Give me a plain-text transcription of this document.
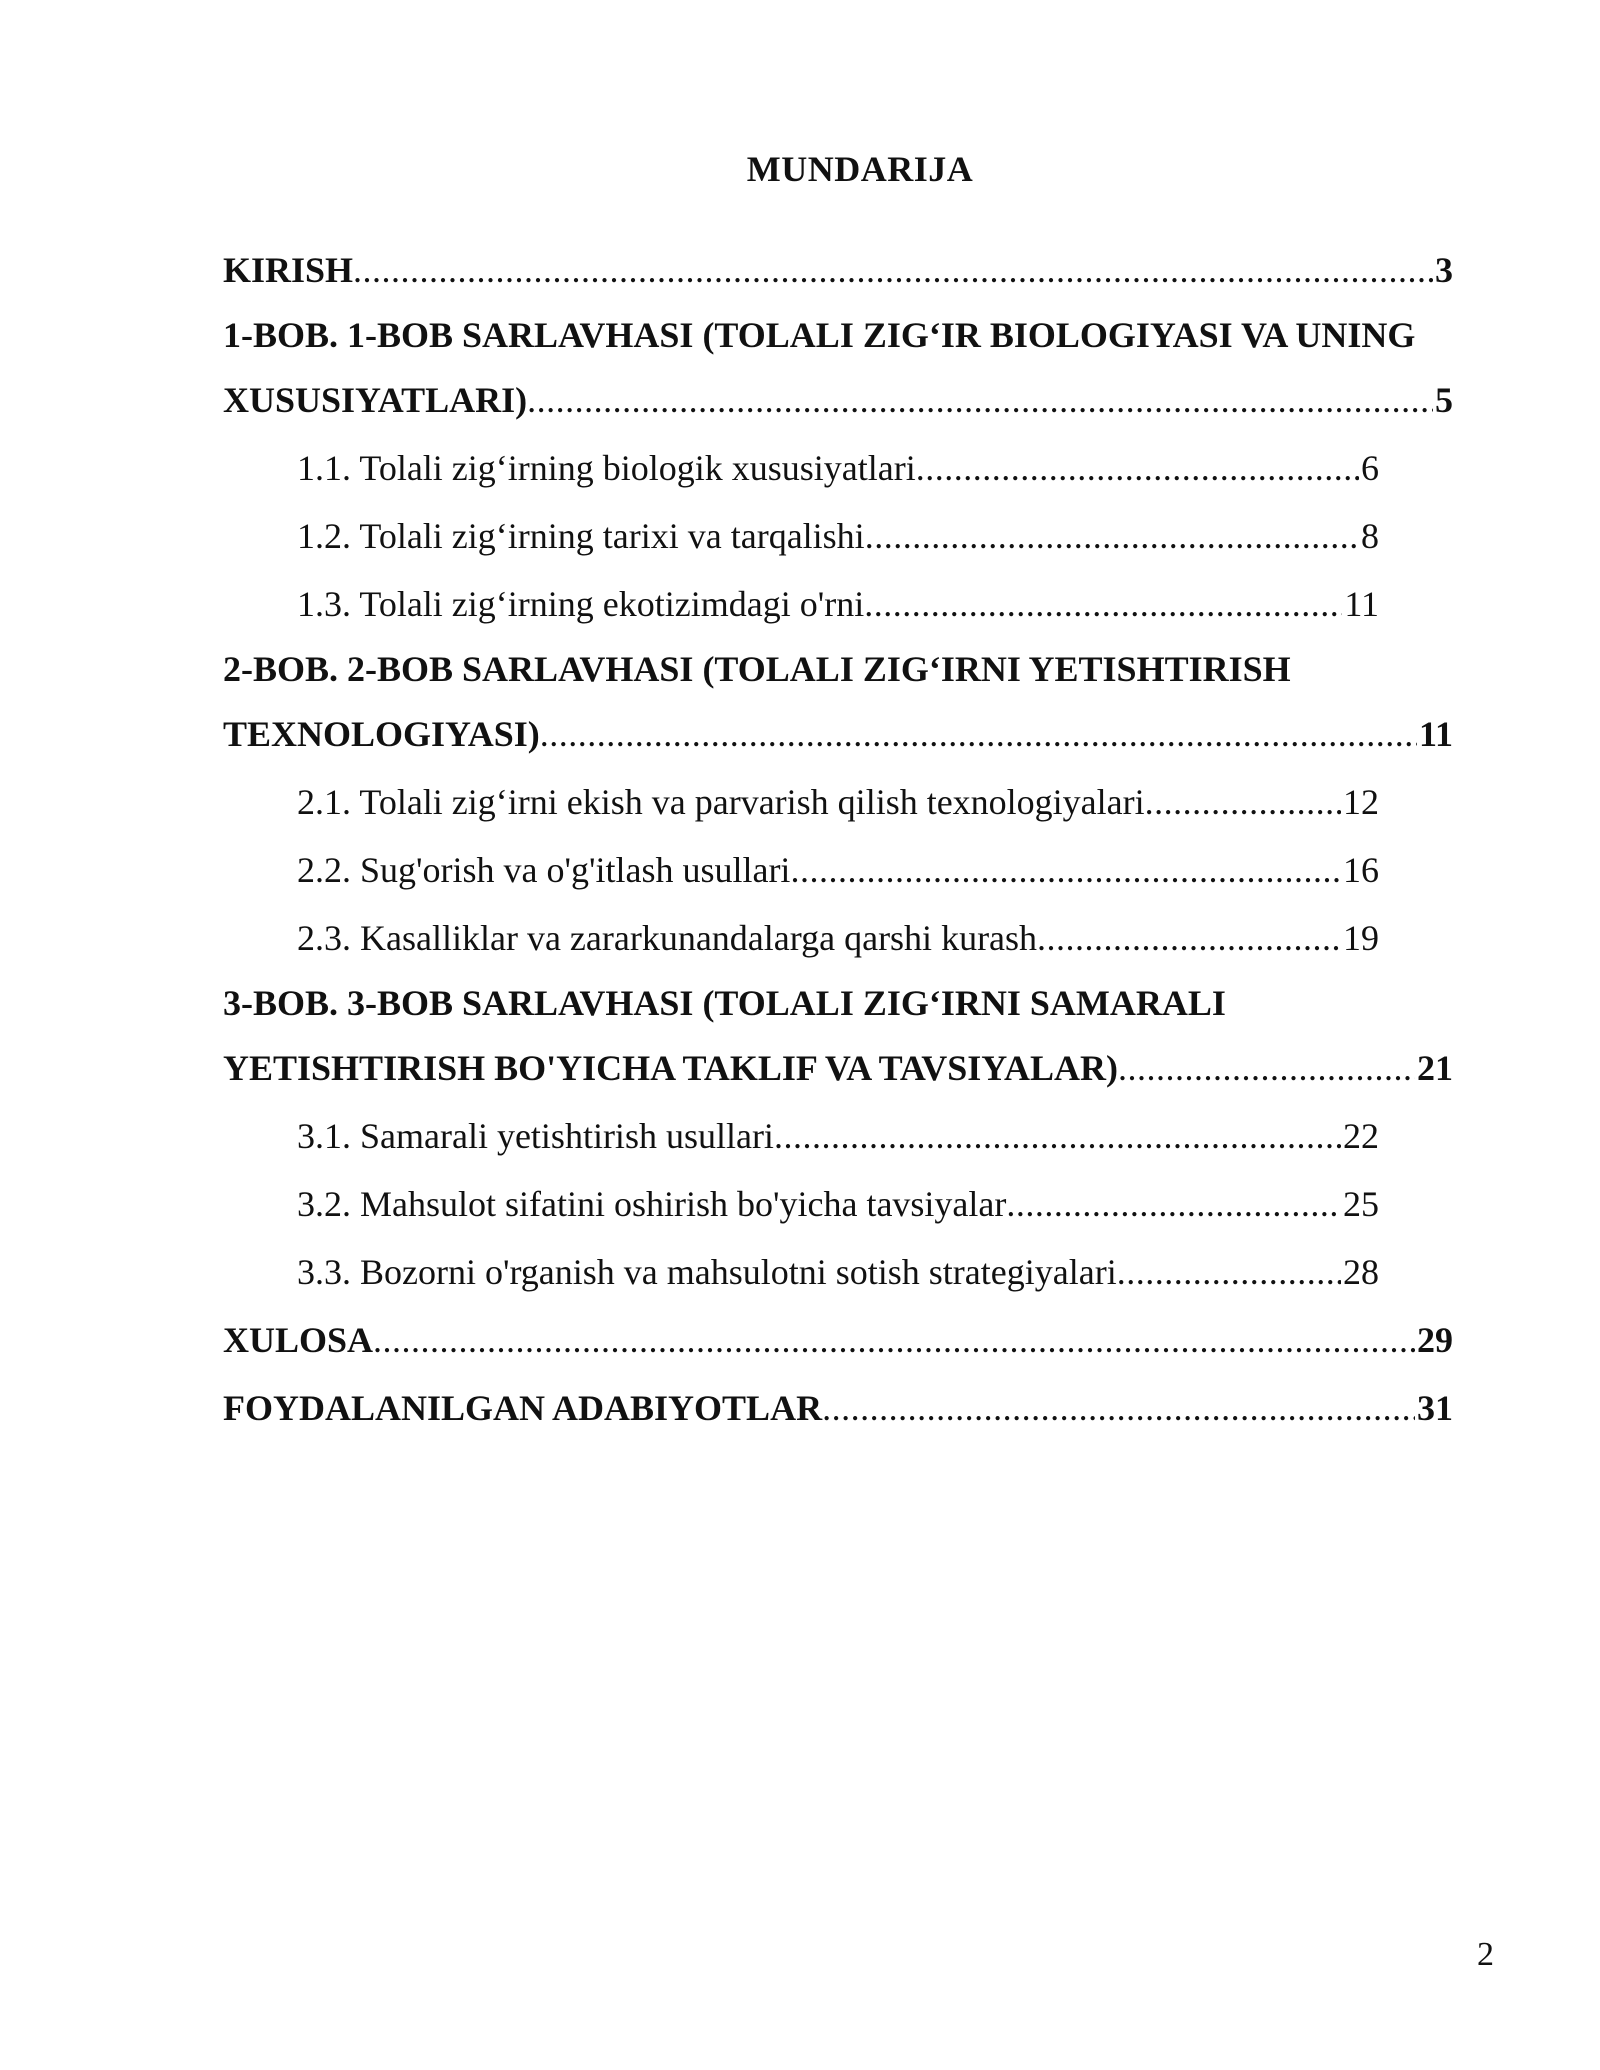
MUNDARIJA
KIRISH .....	3
1-BOB. 1-BOB SARLAVHASI (TOLALI ZIG‘IR BIOLOGIYASI VA UNING
XUSUSIYATLARI) .....	5
1.1. Tolali zig‘irning biologik xususiyatlari .....	6
1.2. Tolali zig‘irning tarixi va tarqalishi .....	8
1.3. Tolali zig‘irning ekotizimdagi o'rni .....	11
2-BOB. 2-BOB SARLAVHASI (TOLALI ZIG‘IRNI YETISHTIRISH
TEXNOLOGIYASI) .....	11
2.1. Tolali zig‘irni ekish va parvarish qilish texnologiyalari .....	12
2.2. Sug'orish va o'g'itlash usullari .....	16
2.3. Kasalliklar va zararkunandalarga qarshi kurash .....	19
3-BOB. 3-BOB SARLAVHASI (TOLALI ZIG‘IRNI SAMARALI
YETISHTIRISH BO'YICHA TAKLIF VA TAVSIYALAR) .....	21
3.1. Samarali yetishtirish usullari .....	22
3.2. Mahsulot sifatini oshirish bo'yicha tavsiyalar .....	25
3.3. Bozorni o'rganish va mahsulotni sotish strategiyalari .....	28
XULOSA .....	29
FOYDALANILGAN ADABIYOTLAR .....	31
2
